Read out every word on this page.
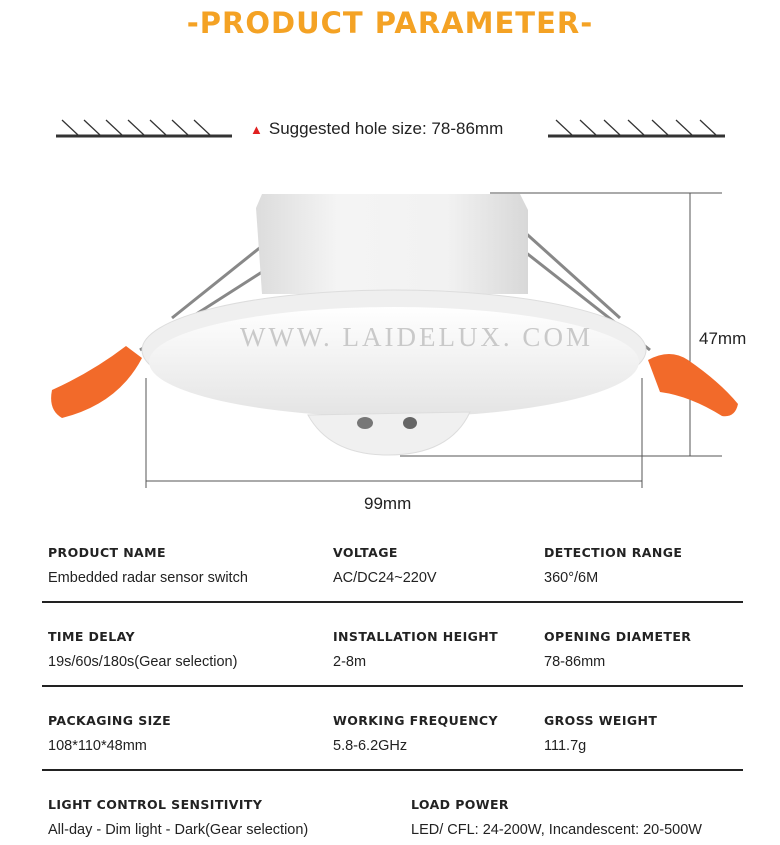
-PRODUCT PARAMETER-
▲ Suggested hole size: 78-86mm
WWW. LAIDELUX. COM	47mm
99mm
PRODUCT NAME
Embedded radar sensor switch
VOLTAGE
AC/DC24~220V
DETECTION RANGE
360°/6M
TIME DELAY
19s/60s/180s(Gear selection)
INSTALLATION HEIGHT
2-8m
OPENING DIAMETER
78-86mm
PACKAGING SIZE
108*110*48mm
WORKING FREQUENCY
5.8-6.2GHz
GROSS WEIGHT
111.7g
LIGHT CONTROL SENSITIVITY
All-day - Dim light - Dark(Gear selection)
LOAD POWER
LED/ CFL: 24-200W, Incandescent: 20-500W
